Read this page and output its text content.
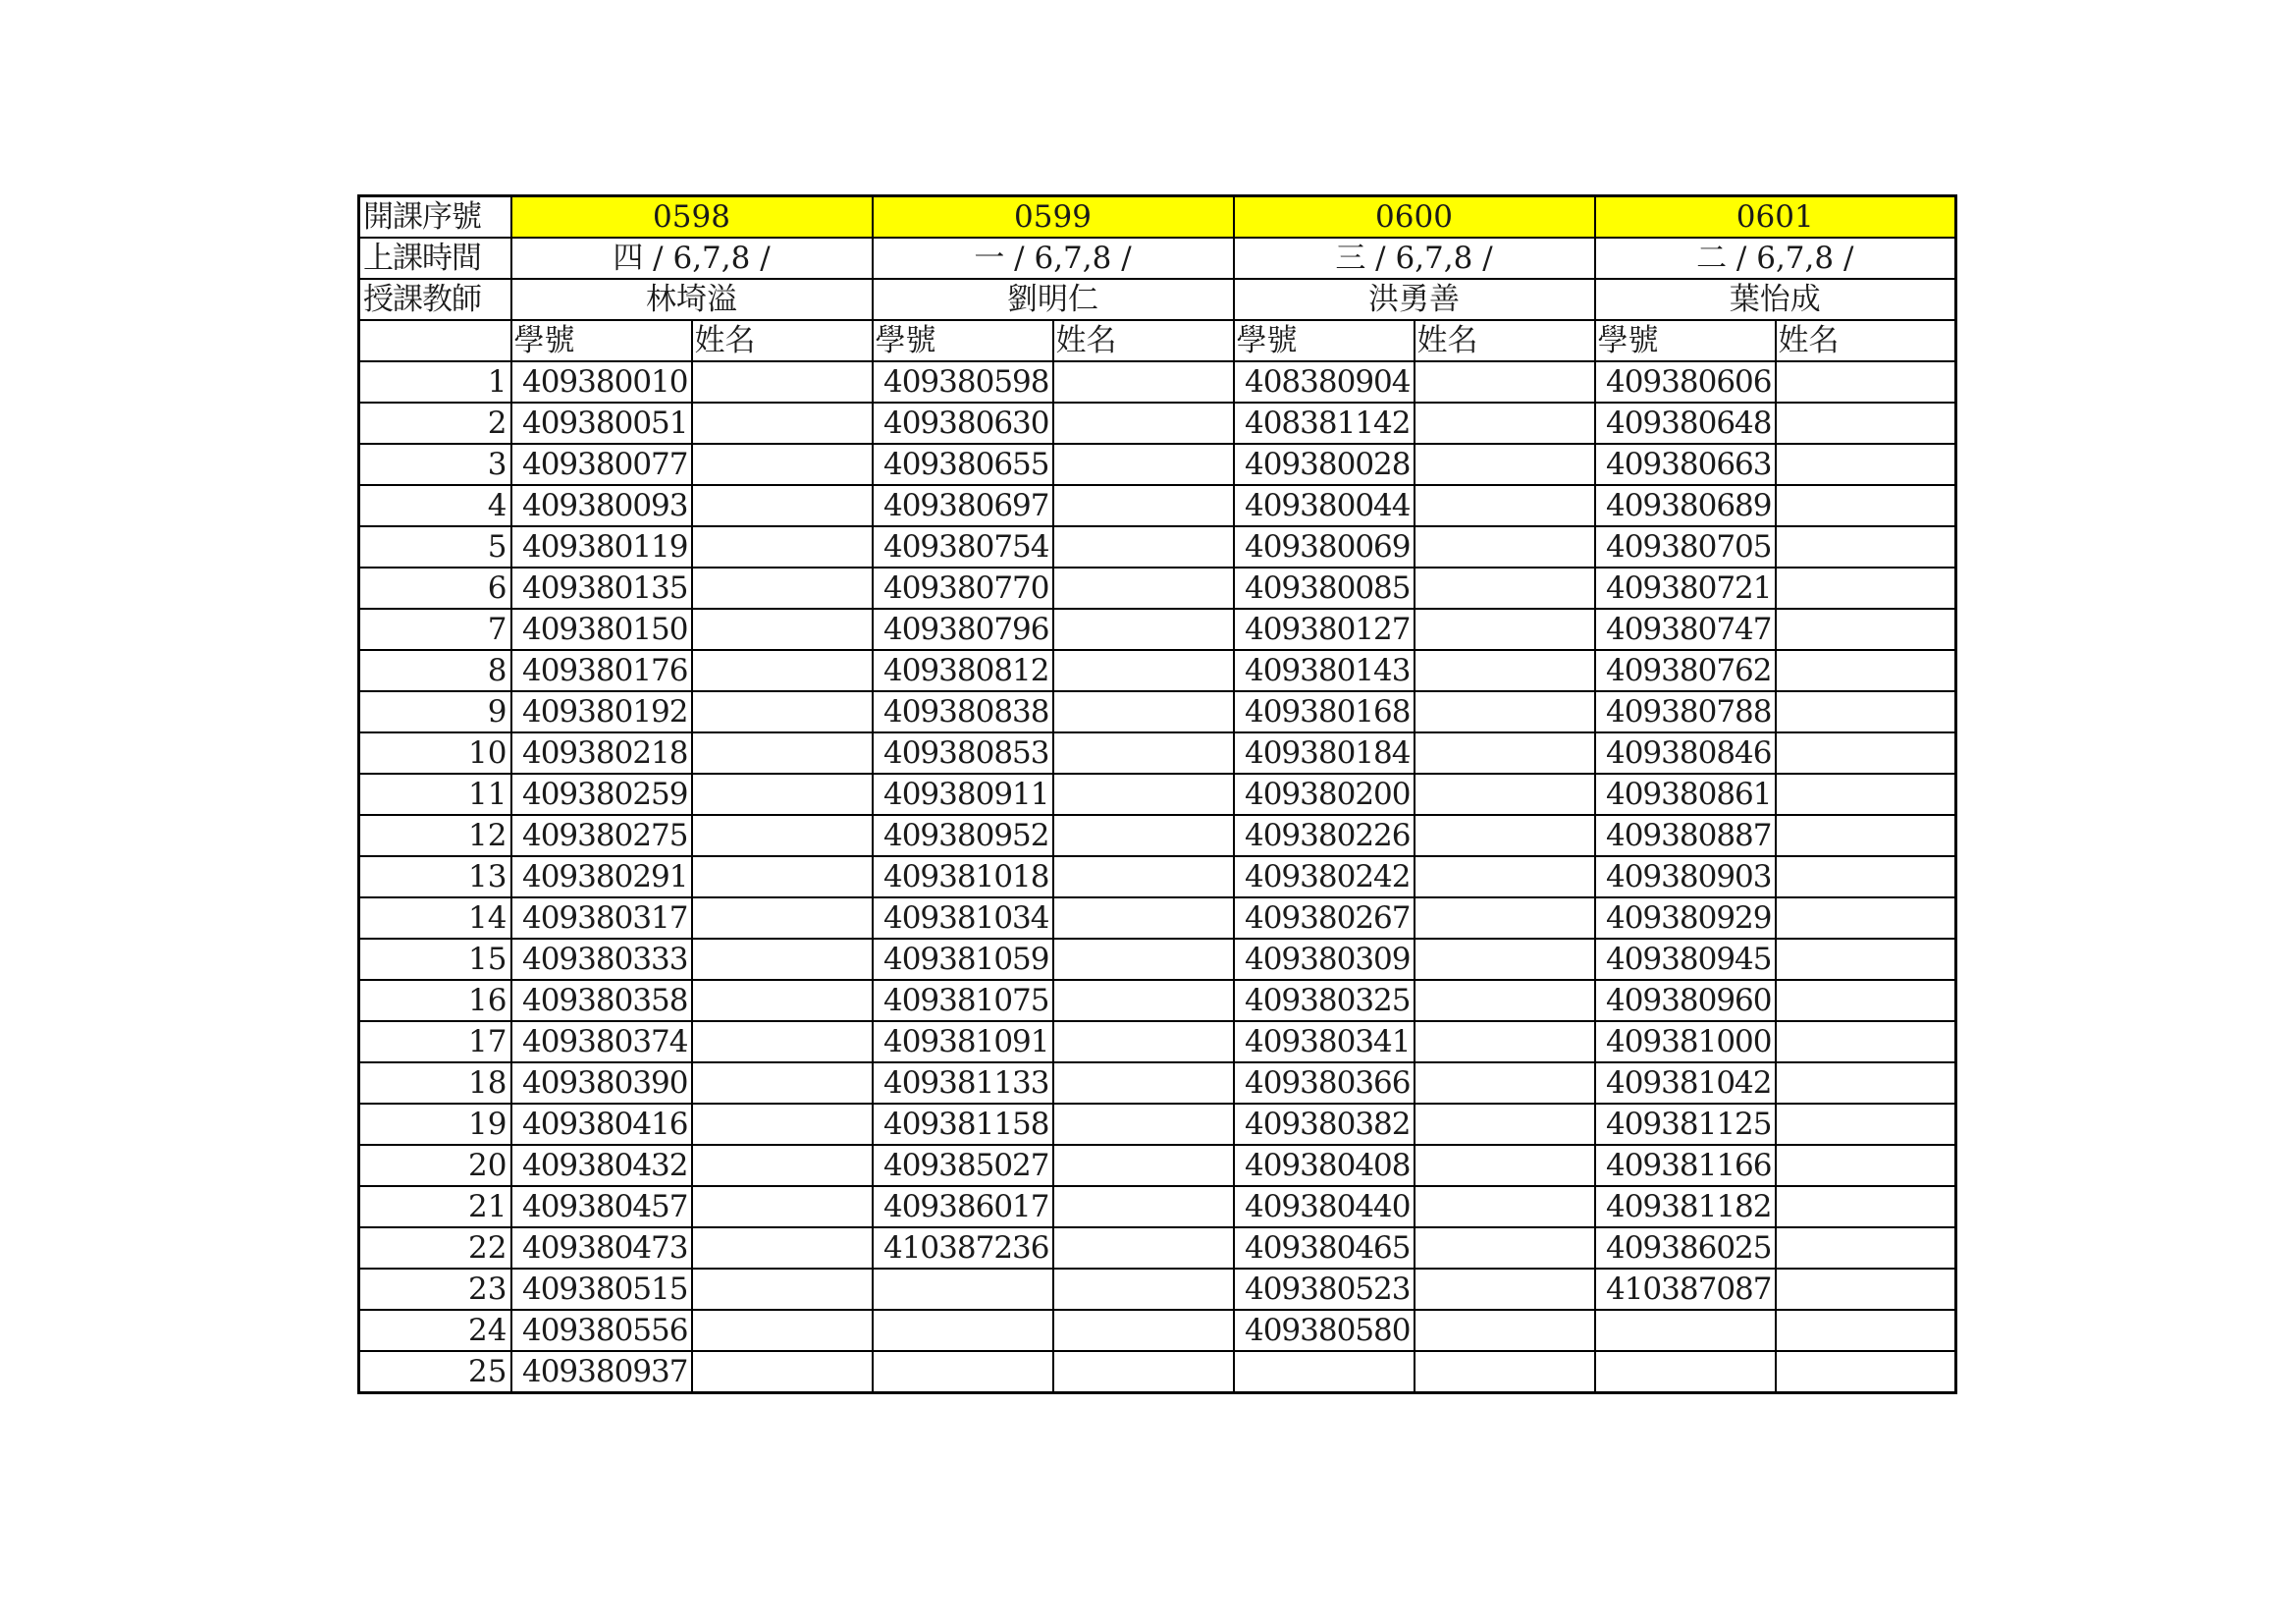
開課序號	0598		0599		0600		0601	
上課時間	四 / 6,7,8 /		一 / 6,7,8 /		三 / 6,7,8 /		二 / 6,7,8 /	
授課教師	林埼溢		劉明仁		洪勇善		葉怡成	
	學號	姓名	學號	姓名	學號	姓名	學號	姓名
1	409380010		409380598		408380904		409380606	
2	409380051		409380630		408381142		409380648	
3	409380077		409380655		409380028		409380663	
4	409380093		409380697		409380044		409380689	
5	409380119		409380754		409380069		409380705	
6	409380135		409380770		409380085		409380721	
7	409380150		409380796		409380127		409380747	
8	409380176		409380812		409380143		409380762	
9	409380192		409380838		409380168		409380788	
10	409380218		409380853		409380184		409380846	
11	409380259		409380911		409380200		409380861	
12	409380275		409380952		409380226		409380887	
13	409380291		409381018		409380242		409380903	
14	409380317		409381034		409380267		409380929	
15	409380333		409381059		409380309		409380945	
16	409380358		409381075		409380325		409380960	
17	409380374		409381091		409380341		409381000	
18	409380390		409381133		409380366		409381042	
19	409380416		409381158		409380382		409381125	
20	409380432		409385027		409380408		409381166	
21	409380457		409386017		409380440		409381182	
22	409380473		410387236		409380465		409386025	
23	409380515				409380523		410387087	
24	409380556				409380580			
25	409380937							
